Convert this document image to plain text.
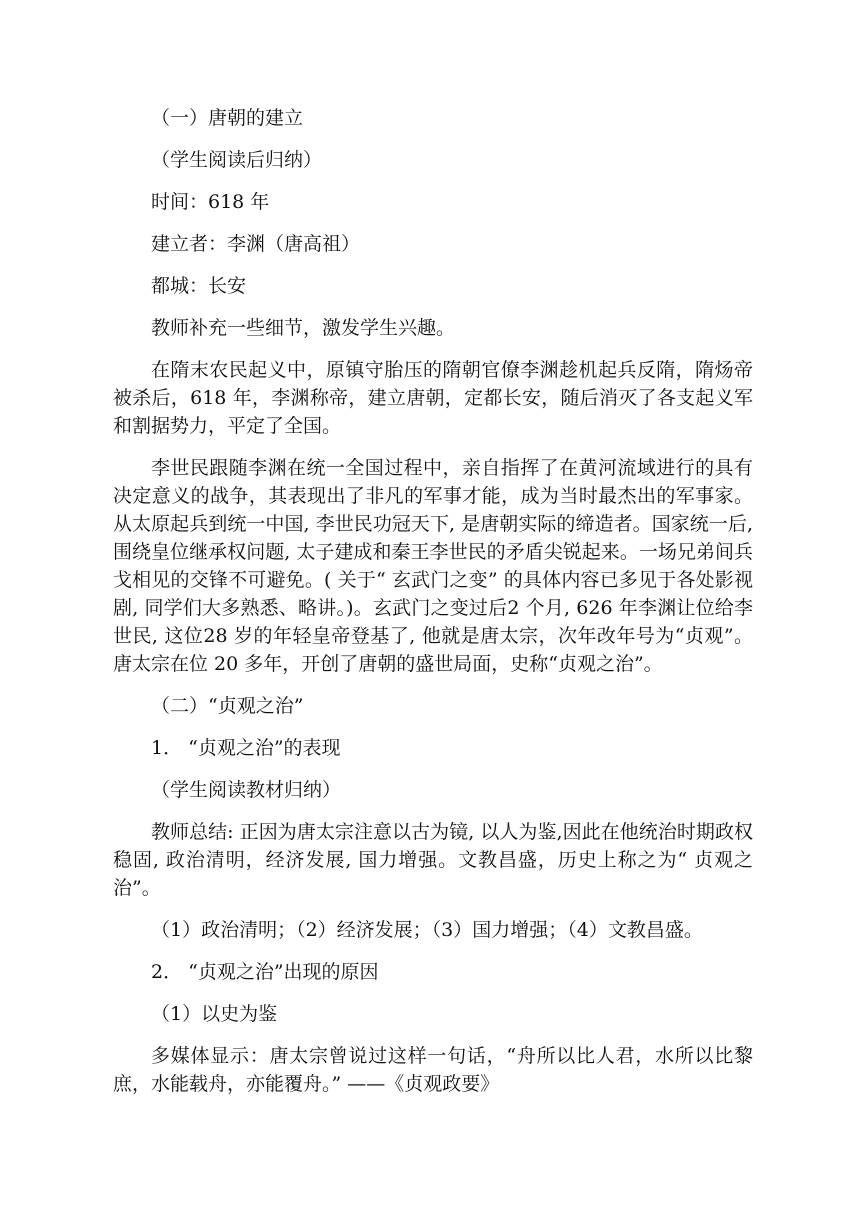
（一）唐朝的建立

（学生阅读后归纳）

时间：618 年

建立者：李渊（唐高祖）

都城：长安

教师补充一些细节，激发学生兴趣。

在隋末农民起义中，原镇守胎压的隋朝官僚李渊趁机起兵反隋，隋炀帝被杀后，618 年，李渊称帝，建立唐朝，定都长安，随后消灭了各支起义军和割据势力，平定了全国。

李世民跟随李渊在统一全国过程中，亲自指挥了在黄河流域进行的具有决定意义的战争，其表现出了非凡的军事才能，成为当时最杰出的军事家。从太原起兵到统一中国, 李世民功冠天下, 是唐朝实际的缔造者。国家统一后, 围绕皇位继承权问题, 太子建成和秦王李世民的矛盾尖锐起来。一场兄弟间兵戈相见的交锋不可避免。( 关于“ 玄武门之变” 的具体内容已多见于各处影视剧, 同学们大多熟悉、略讲。)。玄武门之变过后2 个月, 626 年李渊让位给李世民, 这位28 岁的年轻皇帝登基了, 他就是唐太宗，次年改年号为“贞观”。唐太宗在位 20 多年，开创了唐朝的盛世局面，史称“贞观之治”。

（二）“贞观之治”

1． “贞观之治”的表现

（学生阅读教材归纳）

教师总结: 正因为唐太宗注意以古为镜, 以人为鉴,因此在他统治时期政权稳固, 政治清明，经济发展, 国力增强。文教昌盛，历史上称之为“ 贞观之治”。

（1）政治清明；（2）经济发展；（3）国力增强；（4）文教昌盛。

2． “贞观之治”出现的原因

（1）以史为鉴

多媒体显示：唐太宗曾说过这样一句话，“舟所以比人君，水所以比黎庶，水能载舟，亦能覆舟。” ——《贞观政要》
